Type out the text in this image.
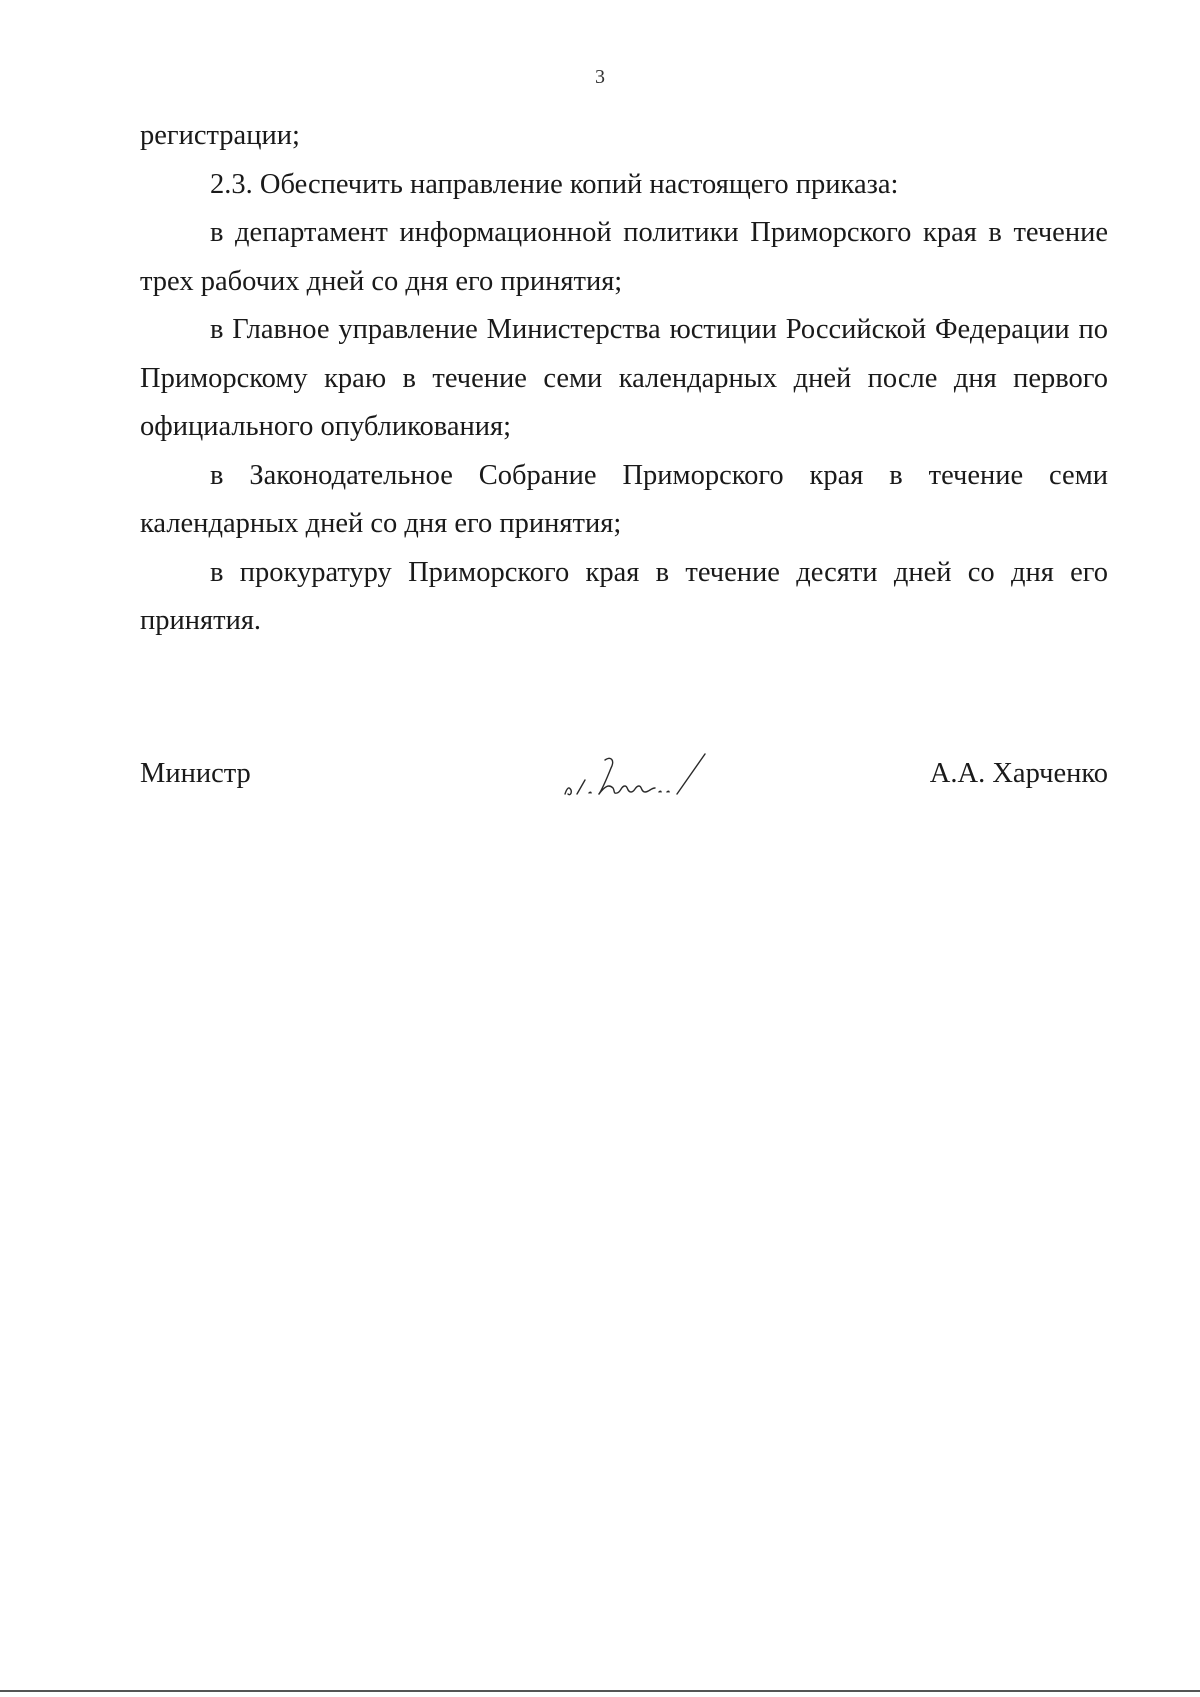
3

регистрации;

2.3. Обеспечить направление копий настоящего приказа:

в департамент информационной политики Приморского края в течение трех рабочих дней со дня его принятия;

в Главное управление Министерства юстиции Российской Федерации по Приморскому краю в течение семи календарных дней после дня первого официального опубликования;

в Законодательное Собрание Приморского края в течение семи календарных дней со дня его принятия;

в прокуратуру Приморского края в течение десяти дней со дня его принятия.

Министр	А.А. Харченко
